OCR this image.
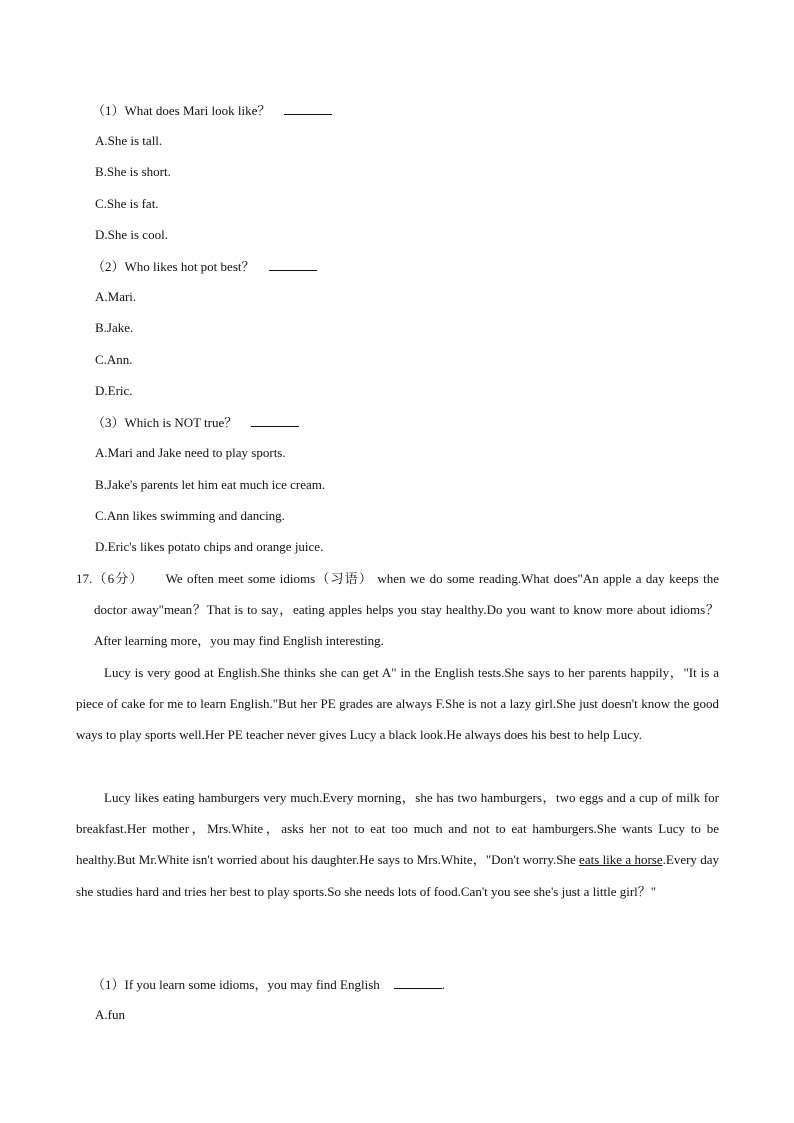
（1）What does Mari look like？
A.She is tall.
B.She is short.
C.She is fat.
D.She is cool.
（2）Who likes hot pot best？
A.Mari.
B.Jake.
C.Ann.
D.Eric.
（3）Which is NOT true？
A.Mari and Jake need to play sports.
B.Jake's parents let him eat much ice cream.
C.Ann likes swimming and dancing.
D.Eric's likes potato chips and orange juice.
17.（6分） We often meet some idioms（习语） when we do some reading.What does"An apple a day keeps the doctor away"mean？That is to say，eating apples helps you stay healthy.Do you want to know more about idioms？After learning more，you may find English interesting.

Lucy is very good at English.She thinks she can get A" in the English tests.She says to her parents happily，"It is a piece of cake for me to learn English."But her PE grades are always F.She is not a lazy girl.She just doesn't know the good ways to play sports well.Her PE teacher never gives Lucy a black look.He always does his best to help Lucy.

Lucy likes eating hamburgers very much.Every morning，she has two hamburgers，two eggs and a cup of milk for breakfast.Her mother，Mrs.White，asks her not to eat too much and not to eat hamburgers.She wants Lucy to be healthy.But Mr.White isn't worried about his daughter.He says to Mrs.White，"Don't worry.She eats like a horse.Every day she studies hard and tries her best to play sports.So she needs lots of food.Can't you see she's just a little girl？"

（1）If you learn some idioms，you may find English	.
A.fun
